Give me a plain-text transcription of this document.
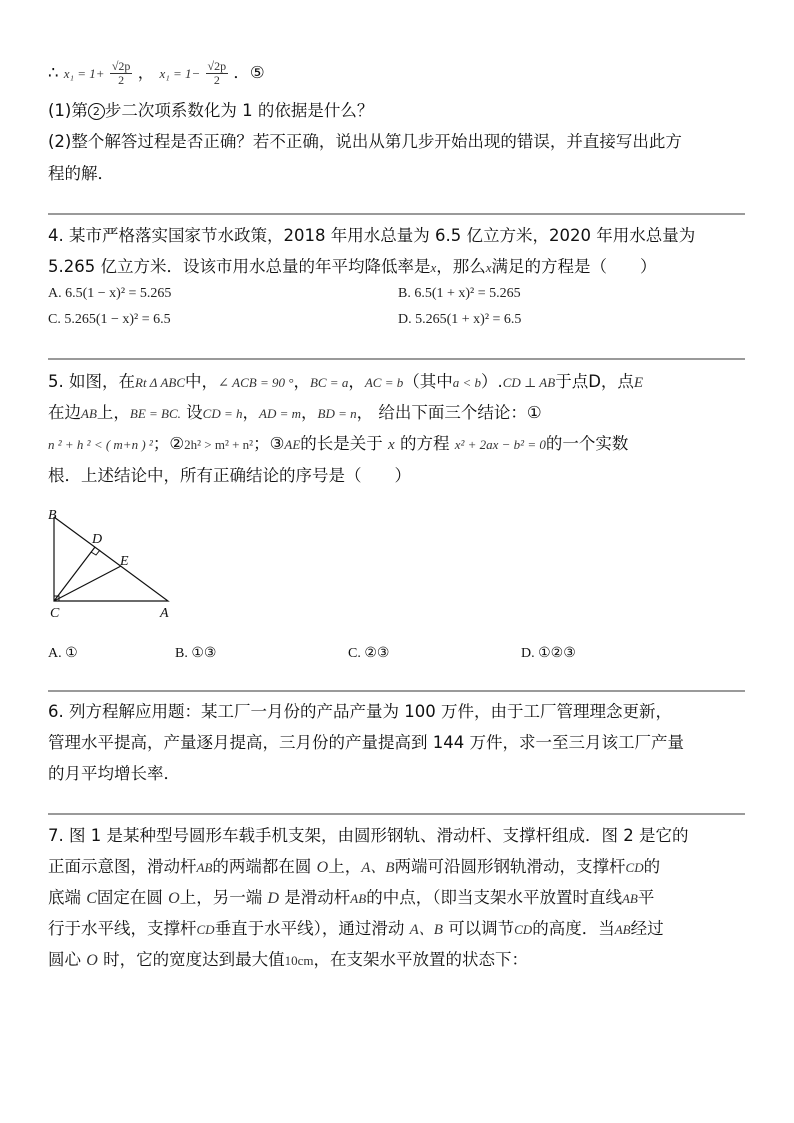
∴ $x_1 = 1+ \frac{√2p}{2}$ ， $x_1 = 1- \frac{√2p}{2}$ ．⑤
(1)第 2 步二次项系数化为 1 的依据是什么？
(2)整个解答过程是否正确？若不正确，说出从第几步开始出现的错误，并直接写出此方
程的解．
4. 某市严格落实国家节水政策，2018 年用水总量为 6.5 亿立方米，2020 年用水总量为
5.265 亿立方米．设该市用水总量的年平均降低率是x，那么x满足的方程是（　　）
A. 6.5(1 − x)² = 5.265	B. 6.5(1 + x)² = 5.265
C. 5.265(1 − x)² = 6.5	D. 5.265(1 + x)² = 6.5
5. 如图，在Rt Δ ABC中，∠ ACB = 90 °，BC = a，AC = b（其中a < b）.CD ⊥ AB于点D，点E
在边AB上，BE = BC. 设CD = h，AD = m，BD = n， 给出下面三个结论：①
n ² + h ² < ( m+n ) ²；②2h² > m² + n²；③AE的长是关于 x 的方程 x² + 2ax − b² = 0的一个实数
根．上述结论中，所有正确结论的序号是（　　）
B
D
E
C	A
A. ①	B. ①③	C. ②③	D. ①②③
6. 列方程解应用题：某工厂一月份的产品产量为 100 万件，由于工厂管理理念更新，
管理水平提高，产量逐月提高，三月份的产量提高到 144 万件，求一至三月该工厂产量
的月平均增长率．
7. 图 1 是某种型号圆形车载手机支架，由圆形钢轨、滑动杆、支撑杆组成．图 2 是它的
正面示意图，滑动杆AB的两端都在圆 O上，A、B两端可沿圆形钢轨滑动，支撑杆CD的
底端 C固定在圆 O上，另一端 D 是滑动杆AB的中点，（即当支架水平放置时直线AB平
行于水平线，支撑杆CD垂直于水平线），通过滑动 A、B 可以调节CD的高度．当AB经过
圆心 O 时，它的宽度达到最大值10cm，在支架水平放置的状态下：
